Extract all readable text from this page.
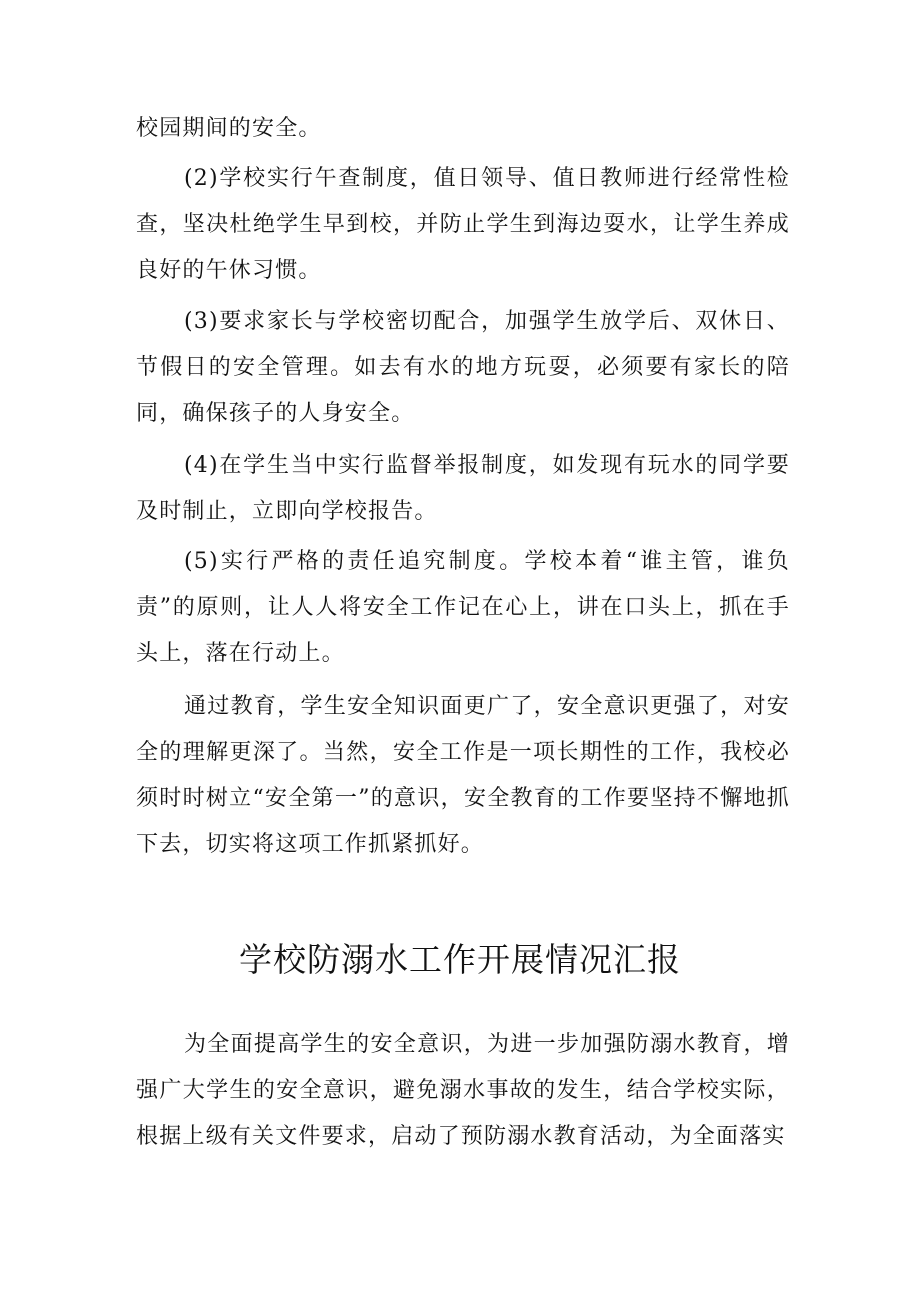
校园期间的安全。

(2)学校实行午查制度，值日领导、值日教师进行经常性检查，坚决杜绝学生早到校，并防止学生到海边耍水，让学生养成良好的午休习惯。

(3)要求家长与学校密切配合，加强学生放学后、双休日、节假日的安全管理。如去有水的地方玩耍，必须要有家长的陪同，确保孩子的人身安全。

(4)在学生当中实行监督举报制度，如发现有玩水的同学要及时制止，立即向学校报告。

(5)实行严格的责任追究制度。学校本着“谁主管，谁负责”的原则，让人人将安全工作记在心上，讲在口头上，抓在手头上，落在行动上。

通过教育，学生安全知识面更广了，安全意识更强了，对安全的理解更深了。当然，安全工作是一项长期性的工作，我校必须时时树立“安全第一”的意识，安全教育的工作要坚持不懈地抓下去，切实将这项工作抓紧抓好。

学校防溺水工作开展情况汇报

为全面提高学生的安全意识，为进一步加强防溺水教育，增强广大学生的安全意识，避免溺水事故的发生，结合学校实际，根据上级有关文件要求，启动了预防溺水教育活动，为全面落实
